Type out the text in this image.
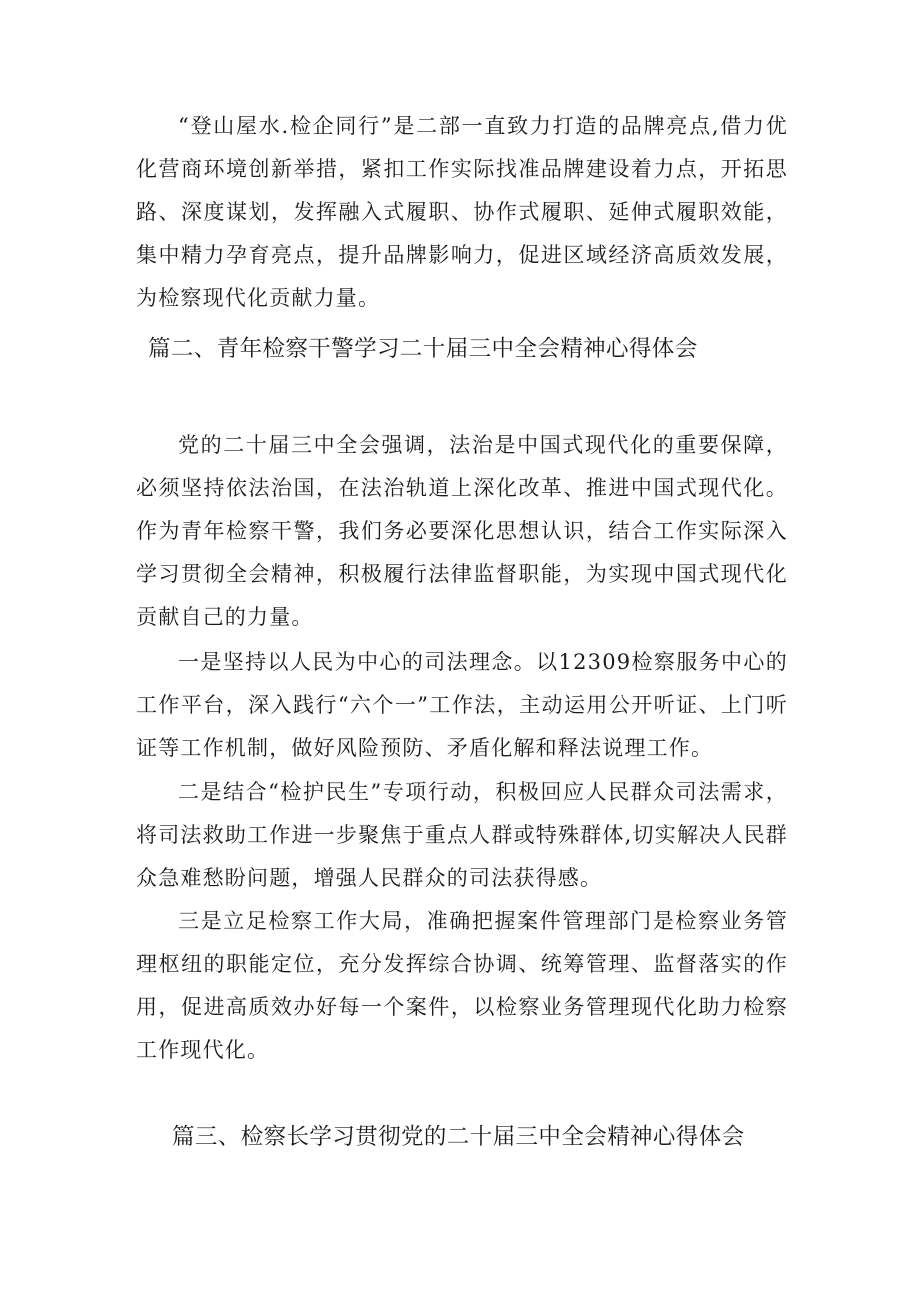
“登山屋水.检企同行”是二部一直致力打造的品牌亮点,借力优化营商环境创新举措，紧扣工作实际找准品牌建设着力点，开拓思路、深度谋划，发挥融入式履职、协作式履职、延伸式履职效能，集中精力孕育亮点，提升品牌影响力，促进区域经济高质效发展，为检察现代化贡献力量。

篇二、青年检察干警学习二十届三中全会精神心得体会

党的二十届三中全会强调，法治是中国式现代化的重要保障，必须坚持依法治国，在法治轨道上深化改革、推进中国式现代化。作为青年检察干警，我们务必要深化思想认识，结合工作实际深入学习贯彻全会精神，积极履行法律监督职能，为实现中国式现代化贡献自己的力量。

一是坚持以人民为中心的司法理念。以12309检察服务中心的工作平台，深入践行“六个一”工作法，主动运用公开听证、上门听证等工作机制，做好风险预防、矛盾化解和释法说理工作。

二是结合“检护民生”专项行动，积极回应人民群众司法需求，将司法救助工作进一步聚焦于重点人群或特殊群体,切实解决人民群众急难愁盼问题，增强人民群众的司法获得感。

三是立足检察工作大局，准确把握案件管理部门是检察业务管理枢纽的职能定位，充分发挥综合协调、统筹管理、监督落实的作用，促进高质效办好每一个案件，以检察业务管理现代化助力检察工作现代化。

篇三、检察长学习贯彻党的二十届三中全会精神心得体会
